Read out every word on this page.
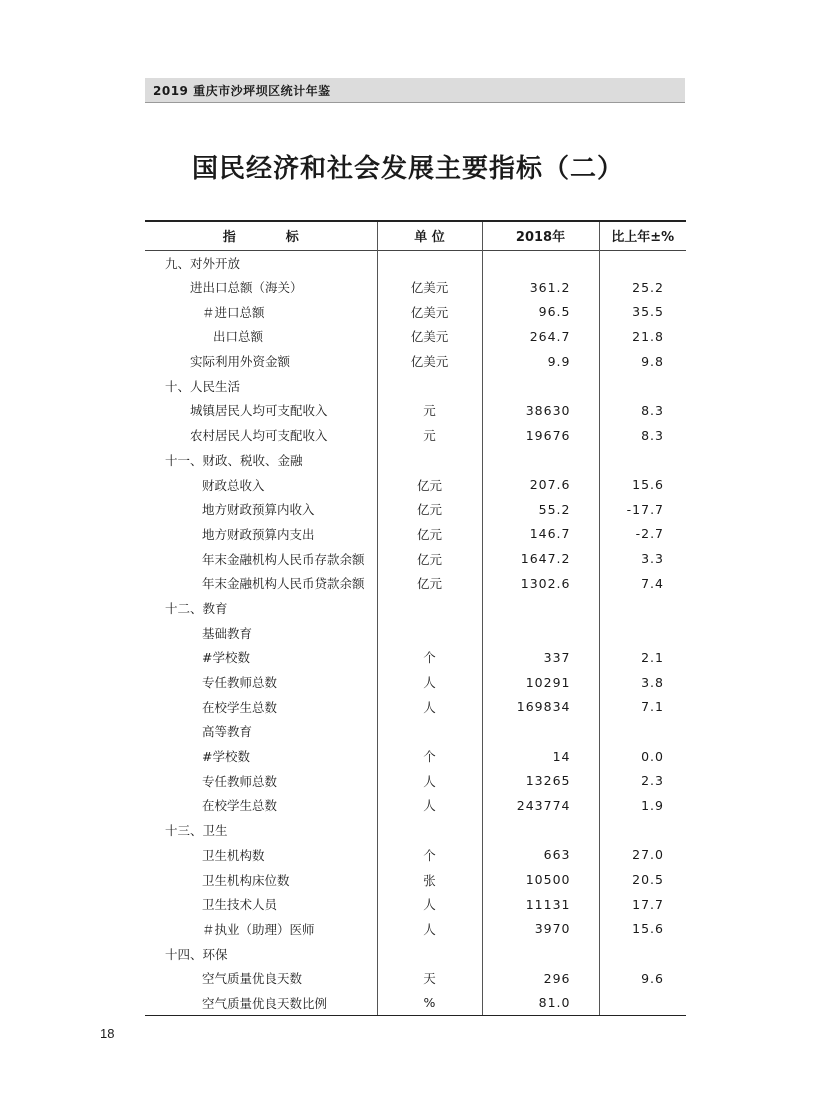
2019 重庆市沙坪坝区统计年鉴
国民经济和社会发展主要指标（二）
指标	单 位	2018年	比上年±%
九、对外开放			
进出口总额（海关）	亿美元	361.2	25.2
＃进口总额	亿美元	96.5	35.5
出口总额	亿美元	264.7	21.8
实际利用外资金额	亿美元	9.9	9.8
十、人民生活			
城镇居民人均可支配收入	元	38630	8.3
农村居民人均可支配收入	元	19676	8.3
十一、财政、税收、金融			
财政总收入	亿元	207.6	15.6
地方财政预算内收入	亿元	55.2	-17.7
地方财政预算内支出	亿元	146.7	-2.7
年末金融机构人民币存款余额	亿元	1647.2	3.3
年末金融机构人民币贷款余额	亿元	1302.6	7.4
十二、教育			
基础教育			
#学校数	个	337	2.1
专任教师总数	人	10291	3.8
在校学生总数	人	169834	7.1
高等教育			
#学校数	个	14	0.0
专任教师总数	人	13265	2.3
在校学生总数	人	243774	1.9
十三、卫生			
卫生机构数	个	663	27.0
卫生机构床位数	张	10500	20.5
卫生技术人员	人	11131	17.7
＃执业（助理）医师	人	3970	15.6
十四、环保			
空气质量优良天数	天	296	9.6
空气质量优良天数比例	%	81.0	
18
